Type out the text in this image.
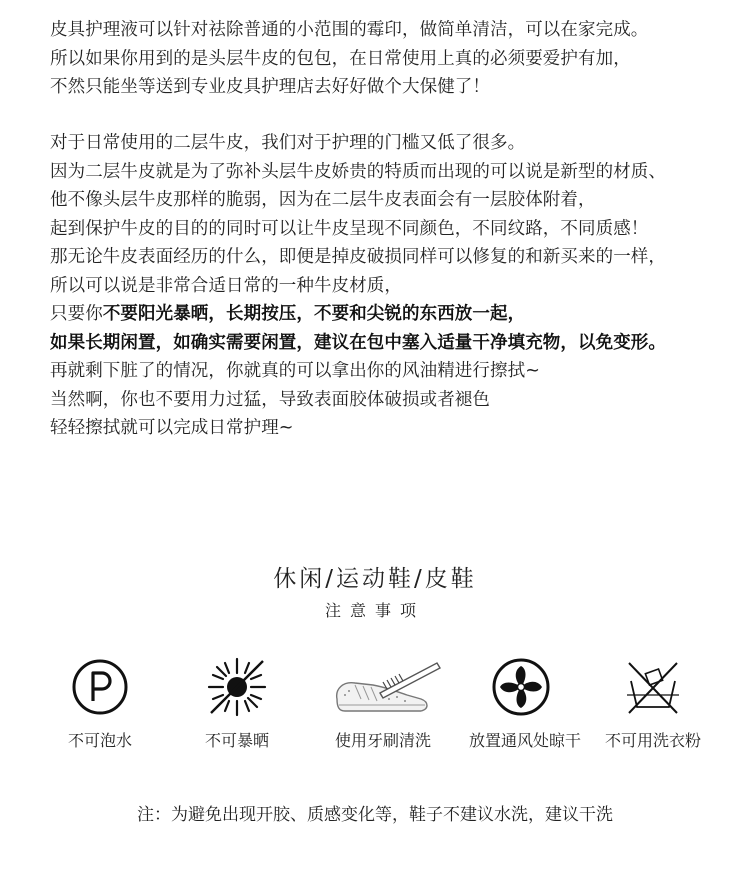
皮具护理液可以针对祛除普通的小范围的霉印，做简单清洁，可以在家完成。
所以如果你用到的是头层牛皮的包包，在日常使用上真的必须要爱护有加，
不然只能坐等送到专业皮具护理店去好好做个大保健了！
对于日常使用的二层牛皮，我们对于护理的门槛又低了很多。
因为二层牛皮就是为了弥补头层牛皮娇贵的特质而出现的可以说是新型的材质、
他不像头层牛皮那样的脆弱，因为在二层牛皮表面会有一层胶体附着，
起到保护牛皮的目的的同时可以让牛皮呈现不同颜色，不同纹路，不同质感！
那无论牛皮表面经历的什么，即便是掉皮破损同样可以修复的和新买来的一样，
所以可以说是非常合适日常的一种牛皮材质，
只要你不要阳光暴晒，长期按压，不要和尖锐的东西放一起，
如果长期闲置，如确实需要闲置，建议在包中塞入适量干净填充物，以免变形。
再就剩下脏了的情况，你就真的可以拿出你的风油精进行擦拭~
当然啊，你也不要用力过猛，导致表面胶体破损或者褪色
轻轻擦拭就可以完成日常护理~
休闲/运动鞋/皮鞋
注意事项
不可泡水	不可暴晒	使用牙刷清洗	放置通风处晾干	不可用洗衣粉
注：为避免出现开胶、质感变化等，鞋子不建议水洗，建议干洗
